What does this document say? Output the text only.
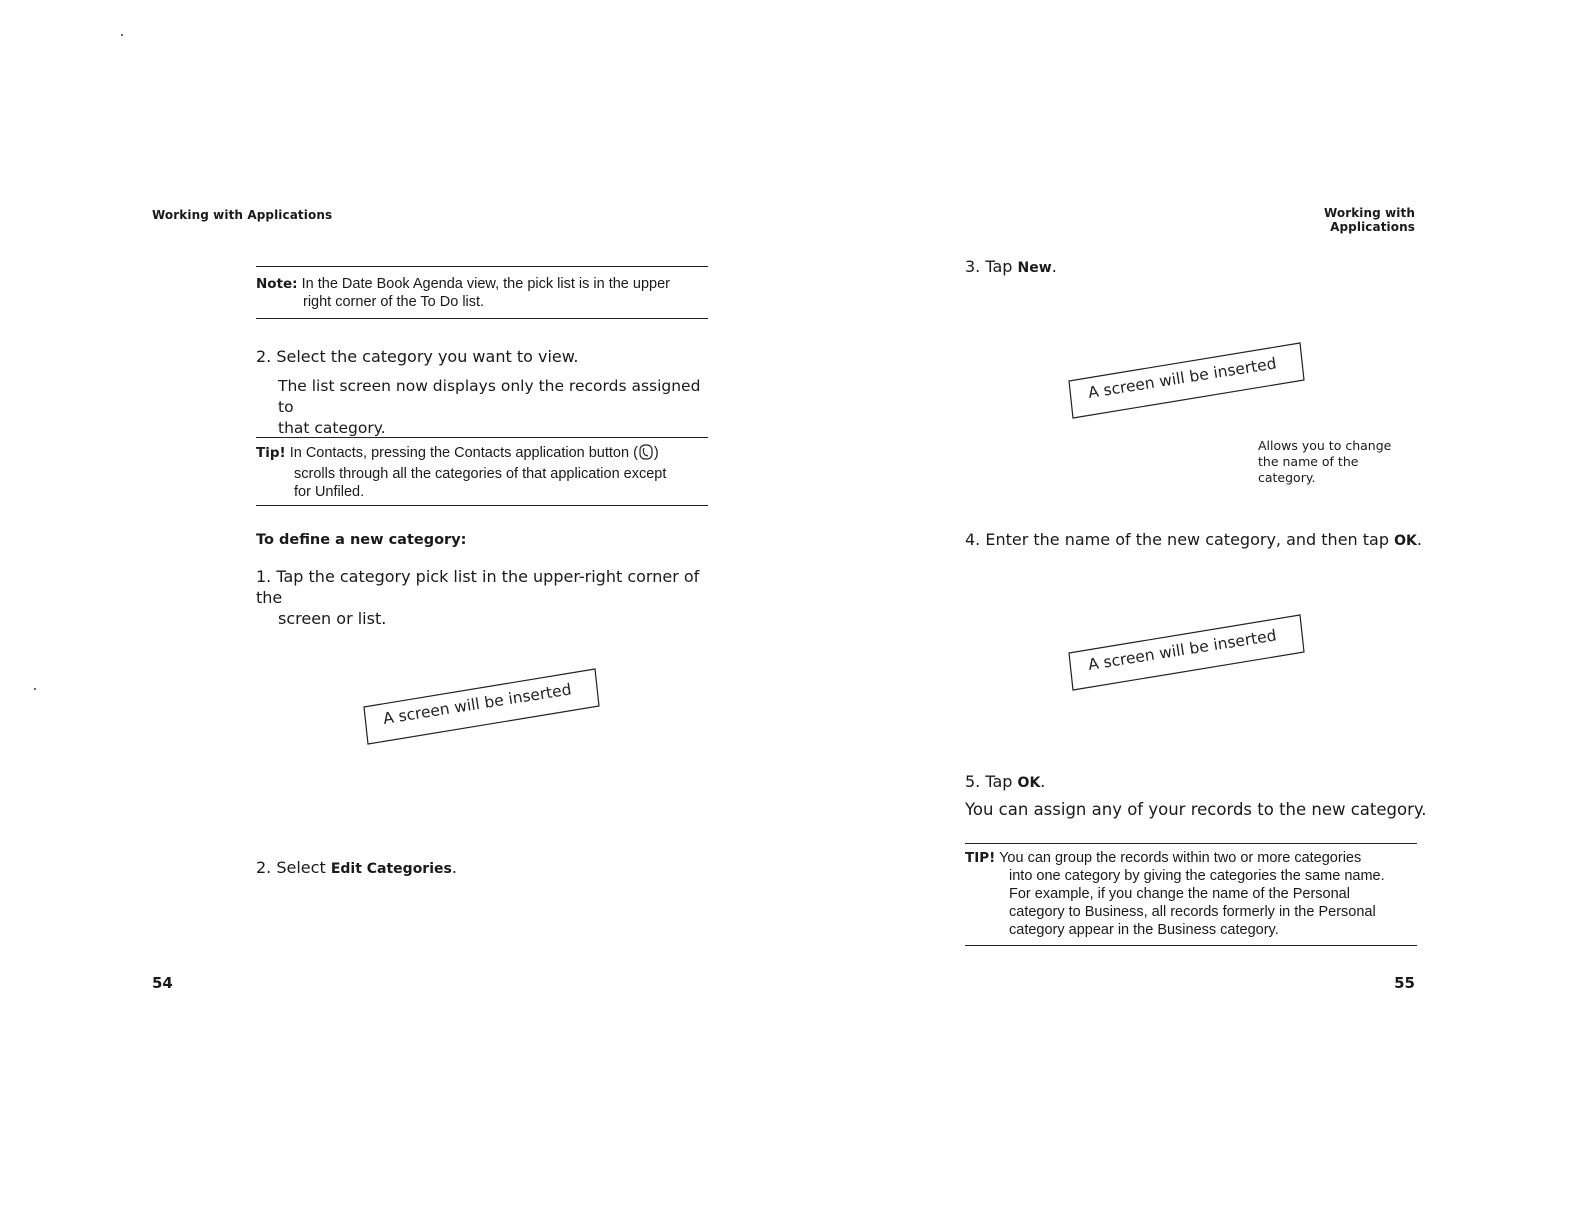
Working with Applications
Note: In the Date Book Agenda view, the pick list is in the upper
right corner of the To Do list.
2. Select the category you want to view.
The list screen now displays only the records assigned to
that category.
Tip! In Contacts, pressing the Contacts application button ( )
scrolls through all the categories of that application except
for Unfiled.
To define a new category:
1. Tap the category pick list in the upper-right corner of the
screen or list.
A screen will be inserted
2. Select Edit Categories.
54
Working with Applications
3. Tap New.
A screen will be inserted
Allows you to change
the name of the
category.
4. Enter the name of the new category, and then tap OK.
A screen will be inserted
5. Tap OK.
You can assign any of your records to the new category.
TIP! You can group the records within two or more categories
into one category by giving the categories the same name.
For example, if you change the name of the Personal
category to Business, all records formerly in the Personal
category appear in the Business category.
55
